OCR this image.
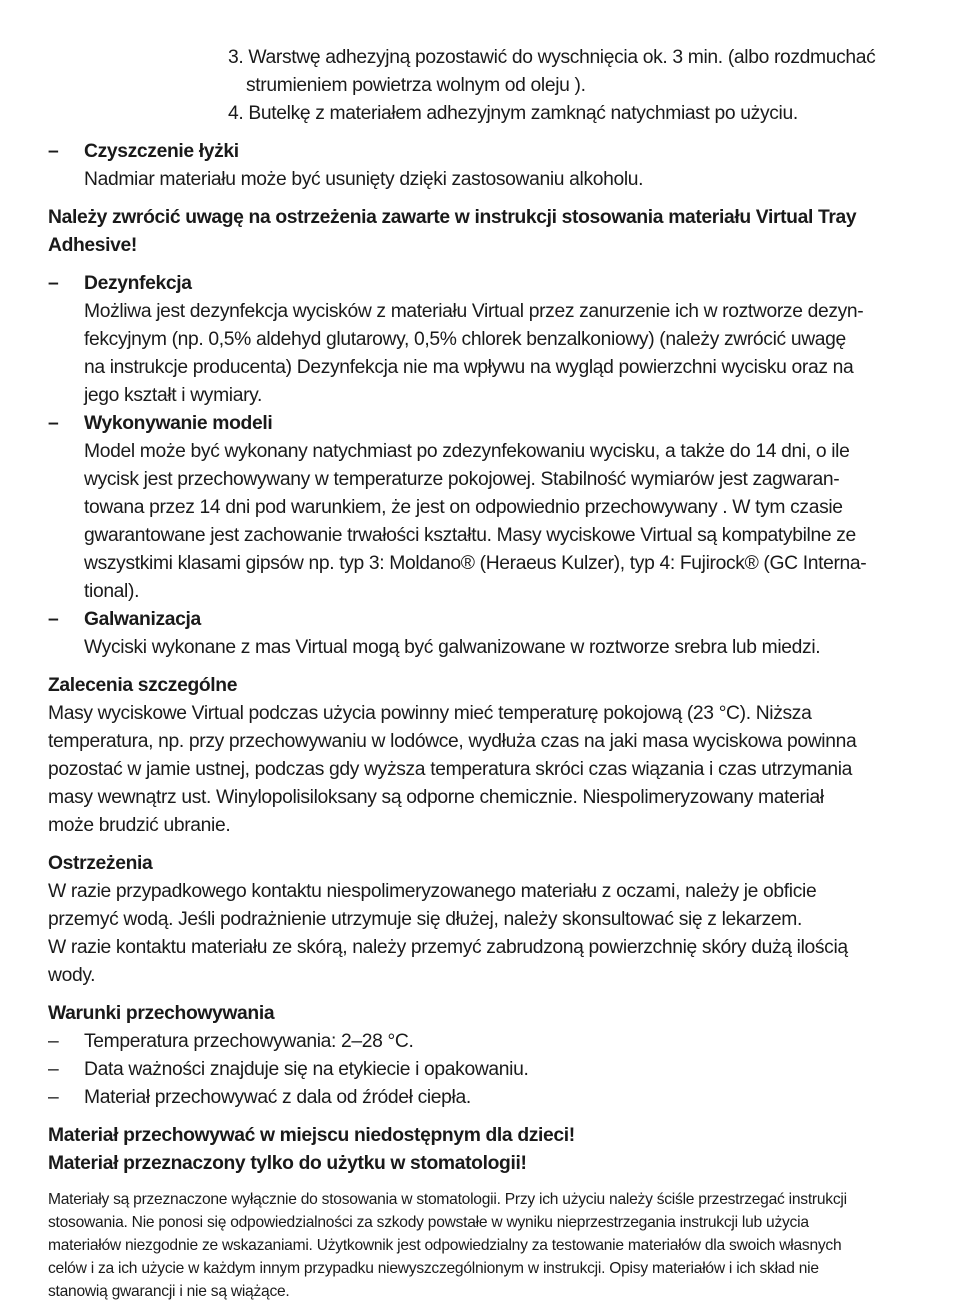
3. Warstwę adhezyjną pozostawić do wyschnięcia ok. 3 min. (albo rozdmuchać
strumieniem powietrza wolnym od oleju ).

4. Butelkę z materiałem adhezyjnym zamknąć natychmiast po użyciu.

–	Czyszczenie łyżki

Nadmiar materiału może być usunięty dzięki zastosowaniu alkoholu.

Należy zwrócić uwagę na ostrzeżenia zawarte w instrukcji stosowania materiału Virtual Tray Adhesive!

–	Dezynfekcja

Możliwa jest dezynfekcja wycisków z materiału Virtual przez zanurzenie ich w roztworze dezyn-
fekcyjnym (np. 0,5% aldehyd glutarowy, 0,5% chlorek benzalkoniowy) (należy zwrócić uwagę
na instrukcje producenta) Dezynfekcja nie ma wpływu na wygląd powierzchni wycisku oraz na
jego kształt i wymiary.

–	Wykonywanie modeli

Model może być wykonany natychmiast po zdezynfekowaniu wycisku, a także do 14 dni, o ile
wycisk jest przechowywany w temperaturze pokojowej. Stabilność wymiarów jest zagwaran-
towana przez 14 dni pod warunkiem, że jest on odpowiednio przechowywany . W tym czasie
gwarantowane jest zachowanie trwałości kształtu. Masy wyciskowe Virtual są kompatybilne ze
wszystkimi klasami gipsów np. typ 3: Moldano® (Heraeus Kulzer), typ 4: Fujirock® (GC Interna-
tional).

–	Galwanizacja

Wyciski wykonane z mas Virtual mogą być galwanizowane w roztworze srebra lub miedzi.

Zalecenia szczególne

Masy wyciskowe Virtual podczas użycia powinny mieć temperaturę pokojową (23 °C). Niższa
temperatura, np. przy przechowywaniu w lodówce, wydłuża czas na jaki masa wyciskowa powinna
pozostać w jamie ustnej, podczas gdy wyższa temperatura skróci czas wiązania i czas utrzymania
masy wewnątrz ust. Winylopolisiloksany są odporne chemicznie. Niespolimeryzowany materiał
może brudzić ubranie.

Ostrzeżenia

W razie przypadkowego kontaktu niespolimeryzowanego materiału z oczami, należy je obficie
przemyć wodą. Jeśli podrażnienie utrzymuje się dłużej, należy skonsultować się z lekarzem.
W razie kontaktu materiału ze skórą, należy przemyć zabrudzoną powierzchnię skóry dużą ilością
wody.

Warunki przechowywania

–	Temperatura przechowywania: 2–28 °C.
–	Data ważności znajduje się na etykiecie i opakowaniu.
–	Materiał przechowywać z dala od źródeł ciepła.

Materiał przechowywać w miejscu niedostępnym dla dzieci!

Materiał przeznaczony tylko do użytku w stomatologii!

Materiały są przeznaczone wyłącznie do stosowania w stomatologii. Przy ich użyciu należy ściśle przestrzegać instrukcji
stosowania. Nie ponosi się odpowiedzialności za szkody powstałe w wyniku nieprzestrzegania instrukcji lub użycia
materiałów niezgodnie ze wskazaniami. Użytkownik jest odpowiedzialny za testowanie materiałów dla swoich własnych
celów i za ich użycie w każdym innym przypadku niewyszczególnionym w instrukcji. Opisy materiałów i ich skład nie
stanowią gwarancji i nie są wiążące.
